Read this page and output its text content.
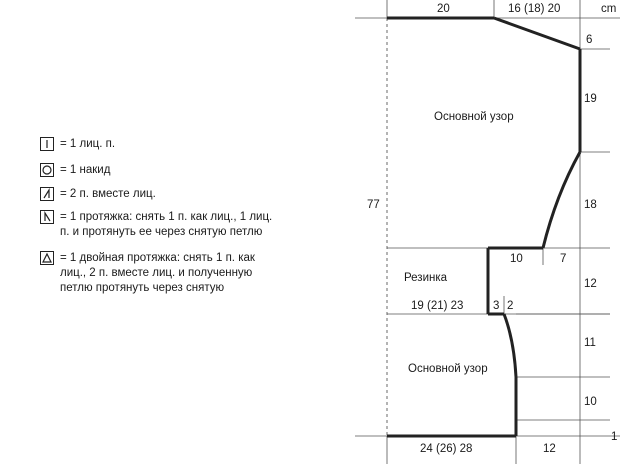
= 1 лиц. п.
= 1 накид
= 2 п. вместе лиц.
= 1 протяжка: снять 1 п. как лиц., 1 лиц.
п. и протянуть ее через снятую петлю
= 1 двойная протяжка: снять 1 п. как
лиц., 2 п. вместе лиц. и полученную
петлю протянуть через снятую
cm
20	16 (18) 20
6
19
18
Основной узор
77
10	7
12
Резинка
19 (21) 23	3 2
11
Основной узор
10
1
24 (26) 28	12
